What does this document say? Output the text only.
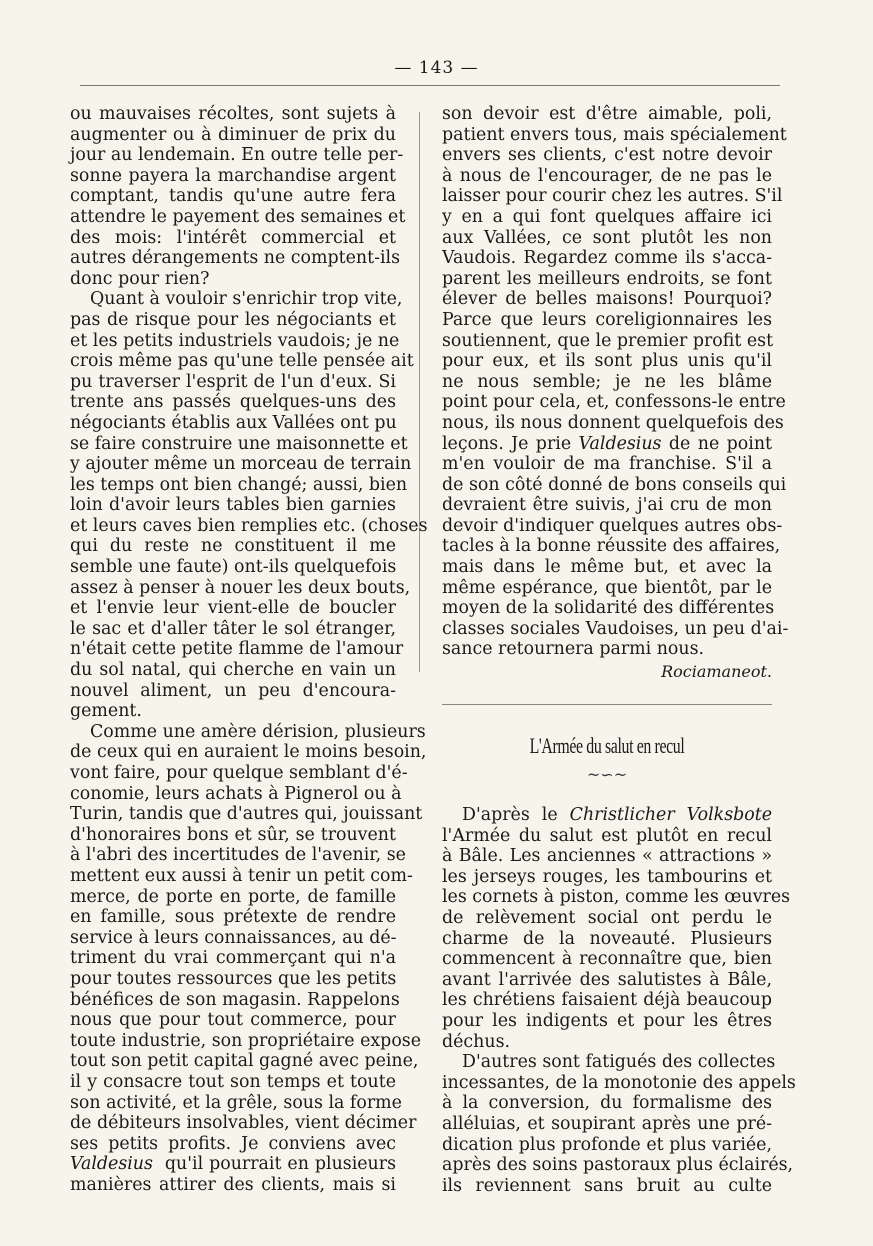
— 143 —
ou mauvaises récoltes, sont sujets à
augmenter ou à diminuer de prix du
jour au lendemain. En outre telle per-
sonne payera la marchandise argent
comptant, tandis qu'une autre fera
attendre le payement des semaines et
des mois: l'intérêt commercial et
autres dérangements ne comptent-ils
donc pour rien?
Quant à vouloir s'enrichir trop vite,
pas de risque pour les négociants et
et les petits industriels vaudois; je ne
crois même pas qu'une telle pensée ait
pu traverser l'esprit de l'un d'eux. Si
trente ans passés quelques-uns des
négociants établis aux Vallées ont pu
se faire construire une maisonnette et
y ajouter même un morceau de terrain
les temps ont bien changé; aussi, bien
loin d'avoir leurs tables bien garnies
et leurs caves bien remplies etc. (choses
qui du reste ne constituent il me
semble une faute) ont-ils quelquefois
assez à penser à nouer les deux bouts,
et l'envie leur vient-elle de boucler
le sac et d'aller tâter le sol étranger,
n'était cette petite flamme de l'amour
du sol natal, qui cherche en vain un
nouvel aliment, un peu d'encoura-
gement.
Comme une amère dérision, plusieurs
de ceux qui en auraient le moins besoin,
vont faire, pour quelque semblant d'é-
conomie, leurs achats à Pignerol ou à
Turin, tandis que d'autres qui, jouissant
d'honoraires bons et sûr, se trouvent
à l'abri des incertitudes de l'avenir, se
mettent eux aussi à tenir un petit com-
merce, de porte en porte, de famille
en famille, sous prétexte de rendre
service à leurs connaissances, au dé-
triment du vrai commerçant qui n'a
pour toutes ressources que les petits
bénéfices de son magasin. Rappelons
nous que pour tout commerce, pour
toute industrie, son propriétaire expose
tout son petit capital gagné avec peine,
il y consacre tout son temps et toute
son activité, et la grêle, sous la forme
de débiteurs insolvables, vient décimer
ses petits profits. Je conviens avec
Valdesius qu'il pourrait en plusieurs
manières attirer des clients, mais si
son devoir est d'être aimable, poli,
patient envers tous, mais spécialement
envers ses clients, c'est notre devoir
à nous de l'encourager, de ne pas le
laisser pour courir chez les autres. S'il
y en a qui font quelques affaire ici
aux Vallées, ce sont plutôt les non
Vaudois. Regardez comme ils s'acca-
parent les meilleurs endroits, se font
élever de belles maisons! Pourquoi?
Parce que leurs coreligionnaires les
soutiennent, que le premier profit est
pour eux, et ils sont plus unis qu'il
ne nous semble; je ne les blâme
point pour cela, et, confessons-le entre
nous, ils nous donnent quelquefois des
leçons. Je prie Valdesius de ne point
m'en vouloir de ma franchise. S'il a
de son côté donné de bons conseils qui
devraient être suivis, j'ai cru de mon
devoir d'indiquer quelques autres obs-
tacles à la bonne réussite des affaires,
mais dans le même but, et avec la
même espérance, que bientôt, par le
moyen de la solidarité des différentes
classes sociales Vaudoises, un peu d'ai-
sance retournera parmi nous.
Rociamaneot.
L'Armée du salut en recul
~∽~
D'après le Christlicher Volksbote
l'Armée du salut est plutôt en recul
à Bâle. Les anciennes « attractions »
les jerseys rouges, les tambourins et
les cornets à piston, comme les œuvres
de relèvement social ont perdu le
charme de la noveauté. Plusieurs
commencent à reconnaître que, bien
avant l'arrivée des salutistes à Bâle,
les chrétiens faisaient déjà beaucoup
pour les indigents et pour les êtres
déchus.
D'autres sont fatigués des collectes
incessantes, de la monotonie des appels
à la conversion, du formalisme des
alléluias, et soupirant après une pré-
dication plus profonde et plus variée,
après des soins pastoraux plus éclairés,
ils reviennent sans bruit au culte
